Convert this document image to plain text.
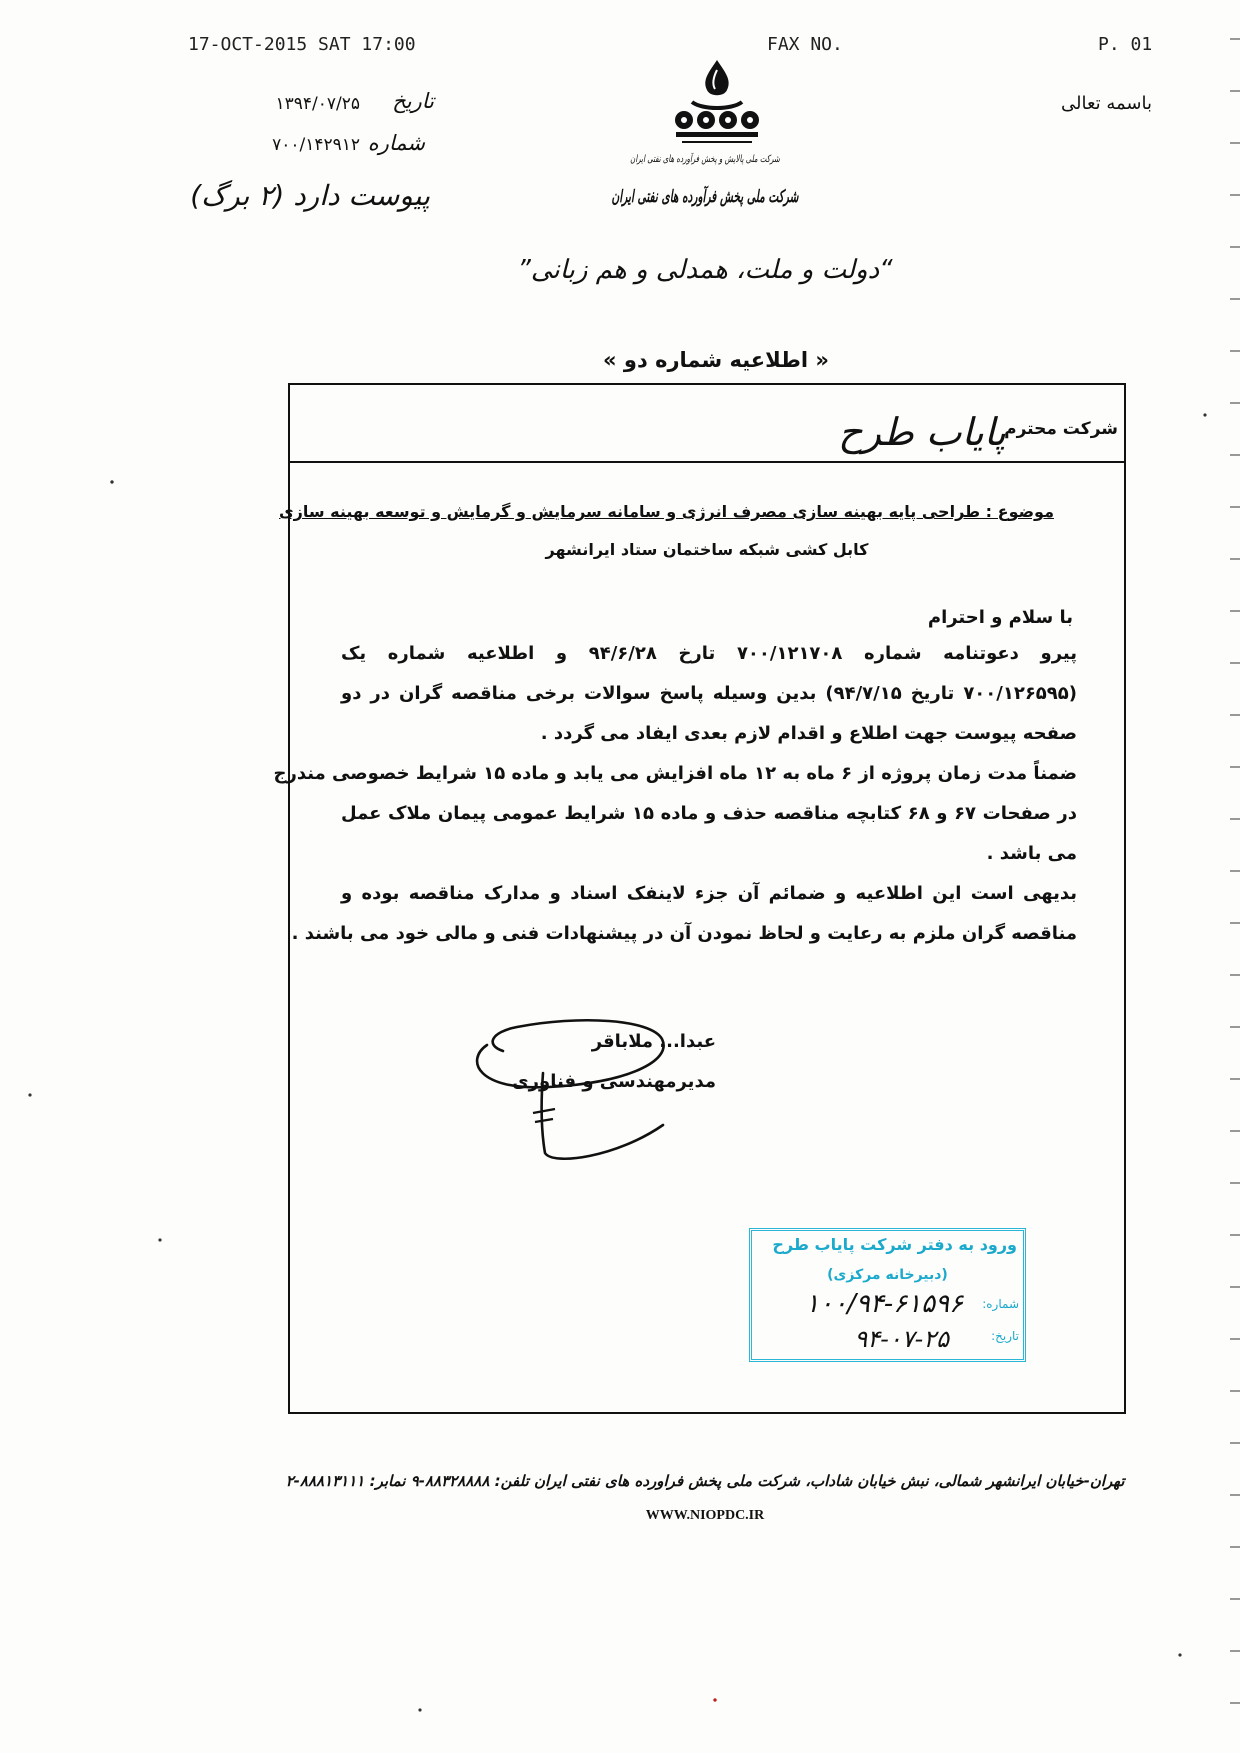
17-OCT-2015 SAT 17:00	FAX NO.	P. 01
باسمه تعالی
تاریخ
۱۳۹۴/۰۷/۲۵
شماره
۷۰۰/۱۴۲۹۱۲
پیوست دارد (۲ برگ)
شرکت ملی پالایش و پخش فرآورده های نفتی ایران
شرکت ملی پخش فرآورده های نفتی ایران
“دولت و ملت، همدلی و هم زبانی”
« اطلاعیه شماره دو »
شرکت محترم
پایاب طرح
موضوع : طراحی پایه بهینه سازی مصرف انرژی و سامانه سرمایش و گرمایش و توسعه بهینه سازی
کابل کشی شبکه ساختمان ستاد ایرانشهر
با سلام و احترام
پیرو دعوتنامه شماره ۷۰۰/۱۲۱۷۰۸ تارخ ۹۴/۶/۲۸ و اطلاعیه شماره یک
(۷۰۰/۱۲۶۵۹۵ تاریخ ۹۴/۷/۱۵) بدین وسیله پاسخ سوالات برخی مناقصه گران در دو
صفحه پیوست جهت اطلاع و اقدام لازم بعدی ایفاد می گردد .
ضمناً مدت زمان پروژه از ۶ ماه به ۱۲ ماه افزایش می یابد و ماده ۱۵ شرایط خصوصی مندرج
در صفحات ۶۷ و ۶۸ کتابچه مناقصه حذف و ماده ۱۵ شرایط عمومی پیمان ملاک عمل
می باشد .
بدیهی است این اطلاعیه و ضمائم آن جزء لاینفک اسناد و مدارک مناقصه بوده و
مناقصه گران ملزم به رعایت و لحاظ نمودن آن در پیشنهادات فنی و مالی خود می باشند .
عبدا... ملاباقر
مدیرمهندسی و فناوری
ورود به دفتر شرکت پایاب طرح
(دبیرخانه مرکزی)
شماره:
۱۰۰/۹۴-۶۱۵۹۶
تاریخ:
۹۴-۰۷-۲۵
تهران-خیابان ایرانشهر شمالی، نبش خیابان شاداب، شرکت ملی پخش فراورده های نفتی ایران تلفن: ۸۸۳۲۸۸۸۸-۹ نمابر: ۸۸۸۱۳۱۱۱-۲
WWW.NIOPDC.IR
